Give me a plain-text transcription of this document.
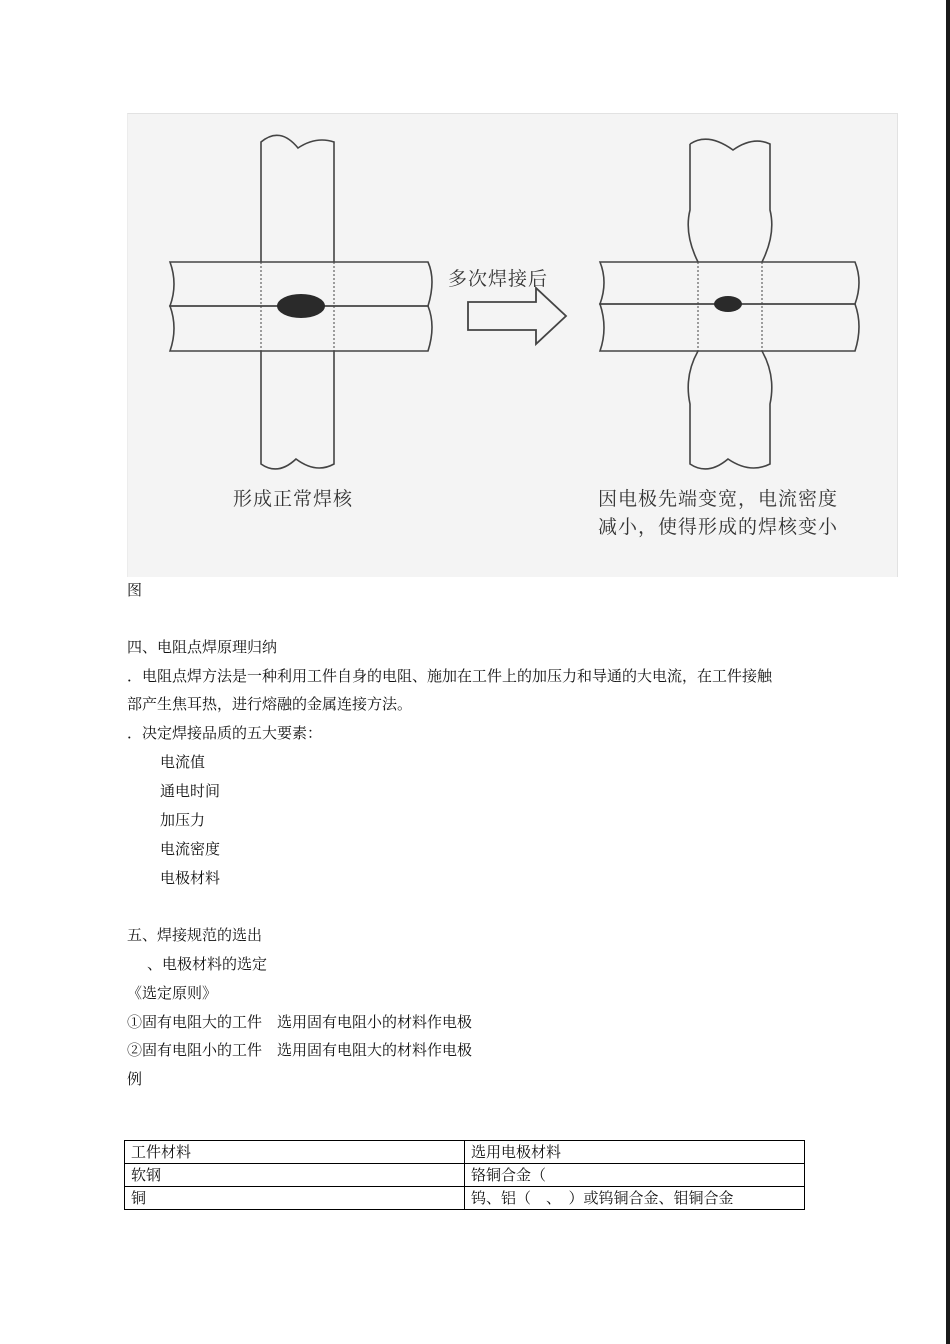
多次焊接后
形成正常焊核	因电极先端变宽，电流密度
减小，使得形成的焊核变小
图
四、电阻点焊原理归纳
．电阻点焊方法是一种利用工件自身的电阻、施加在工件上的加压力和导通的大电流，在工件接触
部产生焦耳热，进行熔融的金属连接方法。
．决定焊接品质的五大要素：
电流值
通电时间
加压力
电流密度
电极材料
五、焊接规范的选出
、电极材料的选定
《选定原则》
①固有电阻大的工件　选用固有电阻小的材料作电极
②固有电阻小的工件　选用固有电阻大的材料作电极
例
工件材料	选用电极材料
软钢	铬铜合金（
铜	钨、铝（　、　）或钨铜合金、钼铜合金
